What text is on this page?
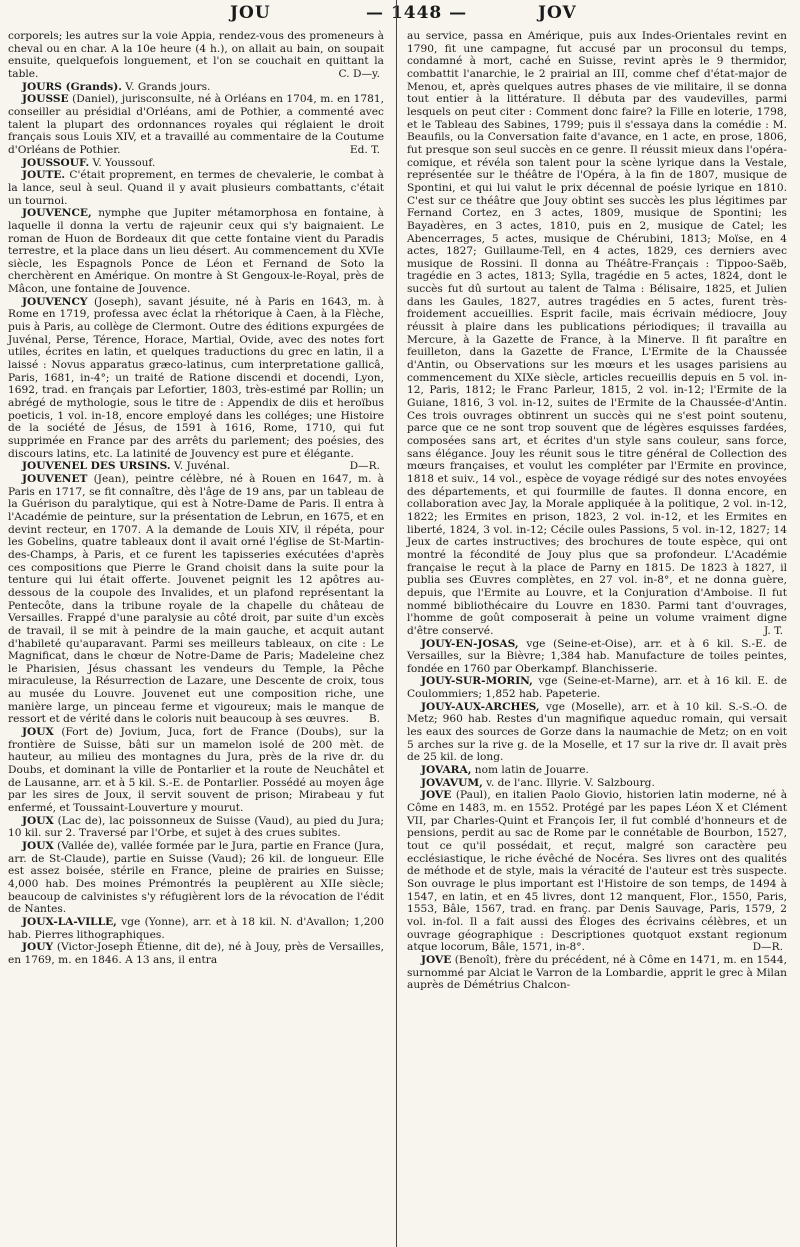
JOU	— 1448 —	JOV

corporels; les autres sur la voie Appia, rendez-vous des promeneurs à cheval ou en char. A la 10e heure (4 h.), on allait au bain, on soupait ensuite, quelquefois longuement, et l'on se couchait en quittant la table.	C. D—y.

JOURS (Grands). V. Grands jours.

JOUSSE (Daniel), jurisconsulte, né à Orléans en 1704, m. en 1781, conseiller au présidial d'Orléans, ami de Pothier, a commenté avec talent la plupart des ordonnances royales qui réglaient le droit français sous Louis XIV, et a travaillé au commentaire de la Coutume d'Orléans de Pothier.	Ed. T.

JOUSSOUF. V. Youssouf.

JOUTE. C'était proprement, en termes de chevalerie, le combat à la lance, seul à seul. Quand il y avait plusieurs combattants, c'était un tournoi.

JOUVENCE, nymphe que Jupiter métamorphosa en fontaine, à laquelle il donna la vertu de rajeunir ceux qui s'y baignaient. Le roman de Huon de Bordeaux dit que cette fontaine vient du Paradis terrestre, et la place dans un lieu désert. Au commencement du XVIe siècle, les Espagnols Ponce de Léon et Fernand de Soto la cherchèrent en Amérique. On montre à St Gengoux-le-Royal, près de Mâcon, une fontaine de Jouvence.

JOUVENCY (Joseph), savant jésuite, né à Paris en 1643, m. à Rome en 1719, professa avec éclat la rhétorique à Caen, à la Flèche, puis à Paris, au collège de Clermont. Outre des éditions expurgées de Juvénal, Perse, Térence, Horace, Martial, Ovide, avec des notes fort utiles, écrites en latin, et quelques traductions du grec en latin, il a laissé : Novus apparatus græco-latinus, cum interpretatione gallicâ, Paris, 1681, in-4°; un traité de Ratione discendi et docendi, Lyon, 1692, trad. en français par Lefortier, 1803, très-estimé par Rollin; un abrégé de mythologie, sous le titre de : Appendix de diis et heroïbus poeticis, 1 vol. in-18, encore employé dans les colléges; une Histoire de la société de Jésus, de 1591 à 1616, Rome, 1710, qui fut supprimée en France par des arrêts du parlement; des poésies, des discours latins, etc. La latinité de Jouvency est pure et élégante.
D—R.

JOUVENEL DES URSINS. V. Juvénal.

JOUVENET (Jean), peintre célèbre, né à Rouen en 1647, m. à Paris en 1717, se fit connaître, dès l'âge de 19 ans, par un tableau de la Guérison du paralytique, qui est à Notre-Dame de Paris. Il entra à l'Académie de peinture, sur la présentation de Lebrun, en 1675, et en devint recteur, en 1707. A la demande de Louis XIV, il répéta, pour les Gobelins, quatre tableaux dont il avait orné l'église de St-Martin-des-Champs, à Paris, et ce furent les tapisseries exécutées d'après ces compositions que Pierre le Grand choisit dans la suite pour la tenture qui lui était offerte. Jouvenet peignit les 12 apôtres au-dessous de la coupole des Invalides, et un plafond représentant la Pentecôte, dans la tribune royale de la chapelle du château de Versailles. Frappé d'une paralysie au côté droit, par suite d'un excès de travail, il se mit à peindre de la main gauche, et acquit autant d'habileté qu'auparavant. Parmi ses meilleurs tableaux, on cite : Le Magnificat, dans le chœur de Notre-Dame de Paris; Madeleine chez le Pharisien, Jésus chassant les vendeurs du Temple, la Pêche miraculeuse, la Résurrection de Lazare, une Descente de croix, tous au musée du Louvre. Jouvenet eut une composition riche, une manière large, un pinceau ferme et vigoureux; mais le manque de ressort et de vérité dans le coloris nuit beaucoup à ses œuvres.	B.

JOUX (Fort de) Jovium, Juca, fort de France (Doubs), sur la frontière de Suisse, bâti sur un mamelon isolé de 200 mèt. de hauteur, au milieu des montagnes du Jura, près de la rive dr. du Doubs, et dominant la ville de Pontarlier et la route de Neuchâtel et de Lausanne, arr. et à 5 kil. S.-E. de Pontarlier. Possédé au moyen âge par les sires de Joux, il servit souvent de prison; Mirabeau y fut enfermé, et Toussaint-Louverture y mourut.

JOUX (Lac de), lac poissonneux de Suisse (Vaud), au pied du Jura; 10 kil. sur 2. Traversé par l'Orbe, et sujet à des crues subites.

JOUX (Vallée de), vallée formée par le Jura, partie en France (Jura, arr. de St-Claude), partie en Suisse (Vaud); 26 kil. de longueur. Elle est assez boisée, stérile en France, pleine de prairies en Suisse; 4,000 hab. Des moines Prémontrés la peuplèrent au XIIe siècle; beaucoup de calvinistes s'y réfugièrent lors de la révocation de l'édit de Nantes.

JOUX-LA-VILLE, vge (Yonne), arr. et à 18 kil. N. d'Avallon; 1,200 hab. Pierres lithographiques.

JOUY (Victor-Joseph Étienne, dit de), né à Jouy, près de Versailles, en 1769, m. en 1846. A 13 ans, il entra

au service, passa en Amérique, puis aux Indes-Orientales revint en 1790, fit une campagne, fut accusé par un proconsul du temps, condamné à mort, caché en Suisse, revint après le 9 thermidor, combattit l'anarchie, le 2 prairial an III, comme chef d'état-major de Menou, et, après quelques autres phases de vie militaire, il se donna tout entier à la littérature. Il débuta par des vaudevilles, parmi lesquels on peut citer : Comment donc faire? la Fille en loterie, 1798, et le Tableau des Sabines, 1799; puis il s'essaya dans la comédie : M. Beaufils, ou la Conversation faite d'avance, en 1 acte, en prose, 1806, fut presque son seul succès en ce genre. Il réussit mieux dans l'opéra-comique, et révéla son talent pour la scène lyrique dans la Vestale, représentée sur le théâtre de l'Opéra, à la fin de 1807, musique de Spontini, et qui lui valut le prix décennal de poésie lyrique en 1810. C'est sur ce théâtre que Jouy obtint ses succès les plus légitimes par Fernand Cortez, en 3 actes, 1809, musique de Spontini; les Bayadères, en 3 actes, 1810, puis en 2, musique de Catel; les Abencerrages, 5 actes, musique de Chérubini, 1813; Moïse, en 4 actes, 1827; Guillaume-Tell, en 4 actes, 1829, ces derniers avec musique de Rossini. Il donna au Théâtre-Français : Tippoo-Saëb, tragédie en 3 actes, 1813; Sylla, tragédie en 5 actes, 1824, dont le succès fut dû surtout au talent de Talma : Bélisaire, 1825, et Julien dans les Gaules, 1827, autres tragédies en 5 actes, furent très-froidement accueillies. Esprit facile, mais écrivain médiocre, Jouy réussit à plaire dans les publications périodiques; il travailla au Mercure, à la Gazette de France, à la Minerve. Il fit paraître en feuilleton, dans la Gazette de France, L'Ermite de la Chaussée d'Antin, ou Observations sur les mœurs et les usages parisiens au commencement du XIXe siècle, articles recueillis depuis en 5 vol. in-12, Paris, 1812; le Franc Parleur, 1815, 2 vol. in-12; l'Ermite de la Guiane, 1816, 3 vol. in-12, suites de l'Ermite de la Chaussée-d'Antin. Ces trois ouvrages obtinrent un succès qui ne s'est point soutenu, parce que ce ne sont trop souvent que de légères esquisses fardées, composées sans art, et écrites d'un style sans couleur, sans force, sans élégance. Jouy les réunit sous le titre général de Collection des mœurs françaises, et voulut les compléter par l'Ermite en province, 1818 et suiv., 14 vol., espèce de voyage rédigé sur des notes envoyées des départements, et qui fourmille de fautes. Il donna encore, en collaboration avec Jay, la Morale appliquée à la politique, 2 vol. in-12, 1822; les Ermites en prison, 1823, 2 vol. in-12, et les Ermites en liberté, 1824, 3 vol. in-12; Cécile oules Passions, 5 vol. in-12, 1827; 14 Jeux de cartes instructives; des brochures de toute espèce, qui ont montré la fécondité de Jouy plus que sa profondeur. L'Académie française le reçut à la place de Parny en 1815. De 1823 à 1827, il publia ses Œuvres complètes, en 27 vol. in-8°, et ne donna guère, depuis, que l'Ermite au Louvre, et la Conjuration d'Amboise. Il fut nommé bibliothécaire du Louvre en 1830. Parmi tant d'ouvrages, l'homme de goût composerait à peine un volume vraiment digne d'être conservé.	J. T.

JOUY-EN-JOSAS, vge (Seine-et-Oise), arr. et à 6 kil. S.-E. de Versailles, sur la Bièvre; 1,384 hab. Manufacture de toiles peintes, fondée en 1760 par Oberkampf. Blanchisserie.

JOUY-SUR-MORIN, vge (Seine-et-Marne), arr. et à 16 kil. E. de Coulommiers; 1,852 hab. Papeterie.

JOUY-AUX-ARCHES, vge (Moselle), arr. et à 10 kil. S.-S.-O. de Metz; 960 hab. Restes d'un magnifique aqueduc romain, qui versait les eaux des sources de Gorze dans la naumachie de Metz; on en voit 5 arches sur la rive g. de la Moselle, et 17 sur la rive dr. Il avait près de 25 kil. de long.

JOVARA, nom latin de Jouarre.

JOVAVUM, v. de l'anc. Illyrie. V. Salzbourg.

JOVE (Paul), en italien Paolo Giovio, historien latin moderne, né à Côme en 1483, m. en 1552. Protégé par les papes Léon X et Clément VII, par Charles-Quint et François Ier, il fut comblé d'honneurs et de pensions, perdit au sac de Rome par le connétable de Bourbon, 1527, tout ce qu'il possédait, et reçut, malgré son caractère peu ecclésiastique, le riche évêché de Nocéra. Ses livres ont des qualités de méthode et de style, mais la véracité de l'auteur est très suspecte. Son ouvrage le plus important est l'Histoire de son temps, de 1494 à 1547, en latin, et en 45 livres, dont 12 manquent, Flor., 1550, Paris, 1553, Bâle, 1567, trad. en franç. par Denis Sauvage, Paris, 1579, 2 vol. in-fol. Il a fait aussi des Éloges des écrivains célèbres, et un ouvrage géographique : Descriptiones quotquot exstant regionum atque locorum, Bâle, 1571, in-8°.	D—R.

JOVE (Benoît), frère du précédent, né à Côme en 1471, m. en 1544, surnommé par Alciat le Varron de la Lombardie, apprit le grec à Milan auprès de Démétrius Chalcon-
